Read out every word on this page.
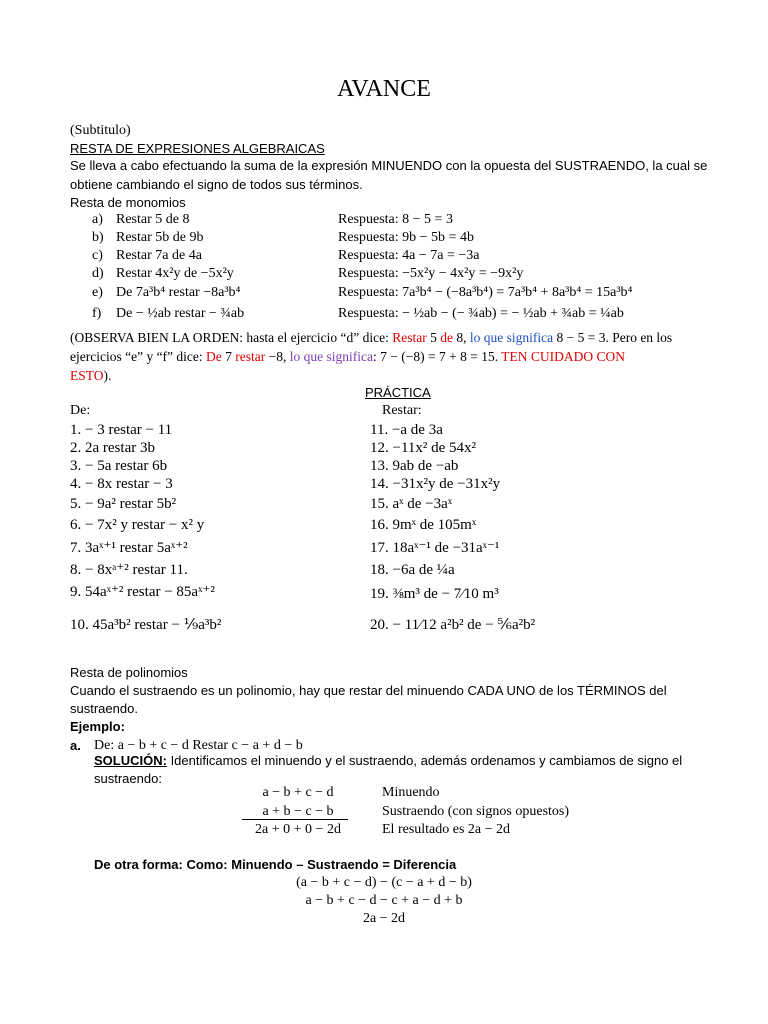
AVANCE
(Subtitulo)
RESTA DE EXPRESIONES ALGEBRAICAS
Se lleva a cabo efectuando la suma de la expresión MINUENDO con la opuesta del SUSTRAENDO, la cual se
obtiene cambiando el signo de todos sus términos.
Resta de monomios
a) Restar 5 de 8	Respuesta: 8 − 5 = 3
b) Restar 5b de 9b	Respuesta: 9b − 5b = 4b
c) Restar 7a de 4a	Respuesta: 4a − 7a = −3a
d) Restar 4x²y de −5x²y	Respuesta: −5x²y − 4x²y = −9x²y
e) De 7a³b⁴ restar −8a³b⁴	Respuesta: 7a³b⁴ − (−8a³b⁴) = 7a³b⁴ + 8a³b⁴ = 15a³b⁴
f) De − ½ab restar − ¾ab	Respuesta: − ½ab − (− ¾ab) = − ½ab + ¾ab = ¼ab
(OBSERVA BIEN LA ORDEN: hasta el ejercicio “d” dice: Restar 5 de 8, lo que significa 8 − 5 = 3. Pero en los
ejercicios “e” y “f” dice: De 7 restar −8, lo que significa: 7 − (−8) = 7 + 8 = 15. TEN CUIDADO CON
ESTO).
PRÁCTICA
De:	Restar:
1. − 3 restar − 11
2. 2a restar 3b
3. − 5a restar 6b
4. − 8x restar − 3
5. − 9a² restar 5b²
6. − 7x² y restar − x² y
7. 3aˣ⁺¹ restar 5aˣ⁺²
8. − 8xᵃ⁺² restar 11.
9. 54aˣ⁺² restar − 85aˣ⁺²
10. 45a³b² restar − ⅑a³b²
11. −a de 3a
12. −11x² de 54x²
13. 9ab de −ab
14. −31x²y de −31x²y
15. aˣ de −3aˣ
16. 9mˣ de 105mˣ
17. 18aˣ⁻¹ de −31aˣ⁻¹
18. −6a de ¼a
19. ⅜m³ de − 7⁄10 m³
20. − 11⁄12 a²b² de − ⅚a²b²
Resta de polinomios
Cuando el sustraendo es un polinomio, hay que restar del minuendo CADA UNO de los TÉRMINOS del
sustraendo.
Ejemplo:
a. De: a − b + c − d Restar c − a + d − b
SOLUCIÓN: Identificamos el minuendo y el sustraendo, además ordenamos y cambiamos de signo el
sustraendo:
a − b + c − d	Minuendo
a + b − c − b	Sustraendo (con signos opuestos)
2a + 0 + 0 − 2d	El resultado es 2a − 2d
De otra forma: Como: Minuendo – Sustraendo = Diferencia
(a − b + c − d) − (c − a + d − b)
a − b + c − d − c + a − d + b
2a − 2d
